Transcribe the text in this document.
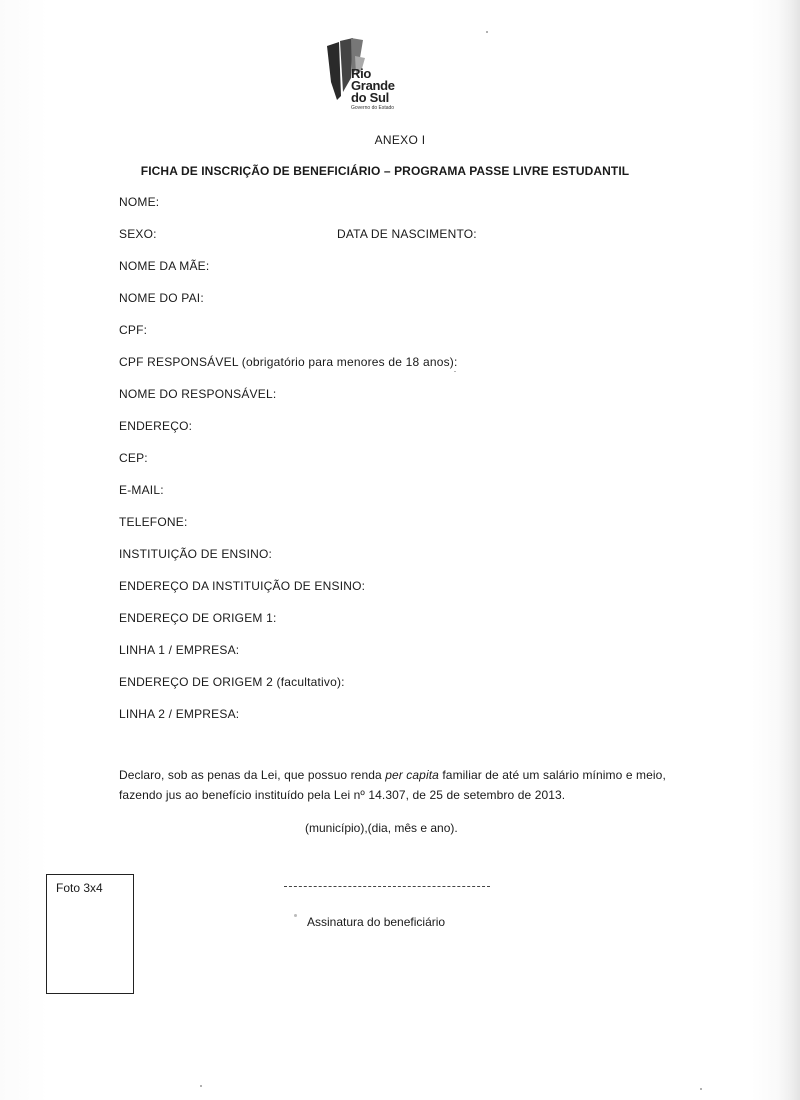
Rio
Grande
do Sul
Governo do Estado
ANEXO I
FICHA DE INSCRIÇÃO DE BENEFICIÁRIO – PROGRAMA PASSE LIVRE ESTUDANTIL
NOME:
SEXO:	DATA DE NASCIMENTO:
NOME DA MÃE:
NOME DO PAI:
CPF:
CPF RESPONSÁVEL (obrigatório para menores de 18 anos):
NOME DO RESPONSÁVEL:
ENDEREÇO:
CEP:
E-MAIL:
TELEFONE:
INSTITUIÇÃO DE ENSINO:
ENDEREÇO DA INSTITUIÇÃO DE ENSINO:
ENDEREÇO DE ORIGEM 1:
LINHA 1 / EMPRESA:
ENDEREÇO DE ORIGEM 2 (facultativo):
LINHA 2 / EMPRESA:
Declaro, sob as penas da Lei, que possuo renda per capita familiar de até um salário mínimo e meio, fazendo jus ao benefício instituído pela Lei nº 14.307, de 25 de setembro de 2013.
(município),(dia, mês e ano).
Foto 3x4
Assinatura do beneficiário
